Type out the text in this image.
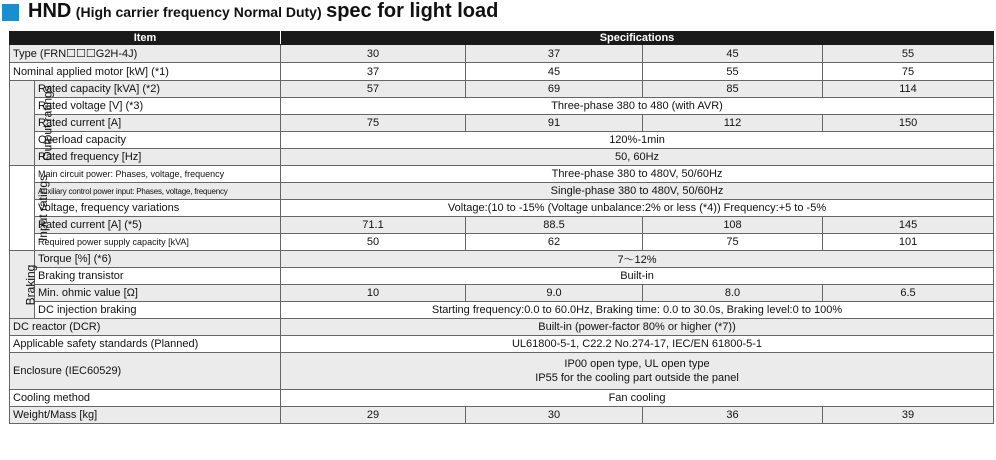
HND (High carrier frequency Normal Duty) spec for light load
Item		Specifications			
Type (FRN☐☐☐G2H-4J)		30	37	45	55
Nominal applied motor [kW] (*1)		37	45	55	75
Output ratings	Rated capacity [kVA] (*2)	57	69	85	114
	Rated voltage [V] (*3)	Three-phase 380 to 480 (with AVR)			
	Rated current [A]	75	91	112	150
	Overload capacity	120%-1min			
	Rated frequency [Hz]	50, 60Hz			
Input ratings	Main circuit power: Phases, voltage, frequency	Three-phase 380 to 480V, 50/60Hz			
	Auxiliary control power input: Phases, voltage, frequency	Single-phase 380 to 480V, 50/60Hz			
	Voltage, frequency variations	Voltage:(10 to -15% (Voltage unbalance:2% or less (*4)) Frequency:+5 to -5%			
	Rated current [A] (*5)	71.1	88.5	108	145
	Required power supply capacity [kVA]	50	62	75	101
Braking	Torque [%] (*6)	7〜12%			
	Braking transistor	Built-in			
	Min. ohmic value [Ω]	10	9.0	8.0	6.5
	DC injection braking	Starting frequency:0.0 to 60.0Hz, Braking time: 0.0 to 30.0s, Braking level:0 to 100%			
DC reactor (DCR)		Built-in (power-factor 80% or higher (*7))			
Applicable safety standards (Planned)		UL61800-5-1, C22.2 No.274-17, IEC/EN 61800-5-1			
Enclosure (IEC60529)		IP00 open type, UL open type
IP55 for the cooling part outside the panel			

Cooling method		Fan cooling			
Weight/Mass [kg]		29	30	36	39
